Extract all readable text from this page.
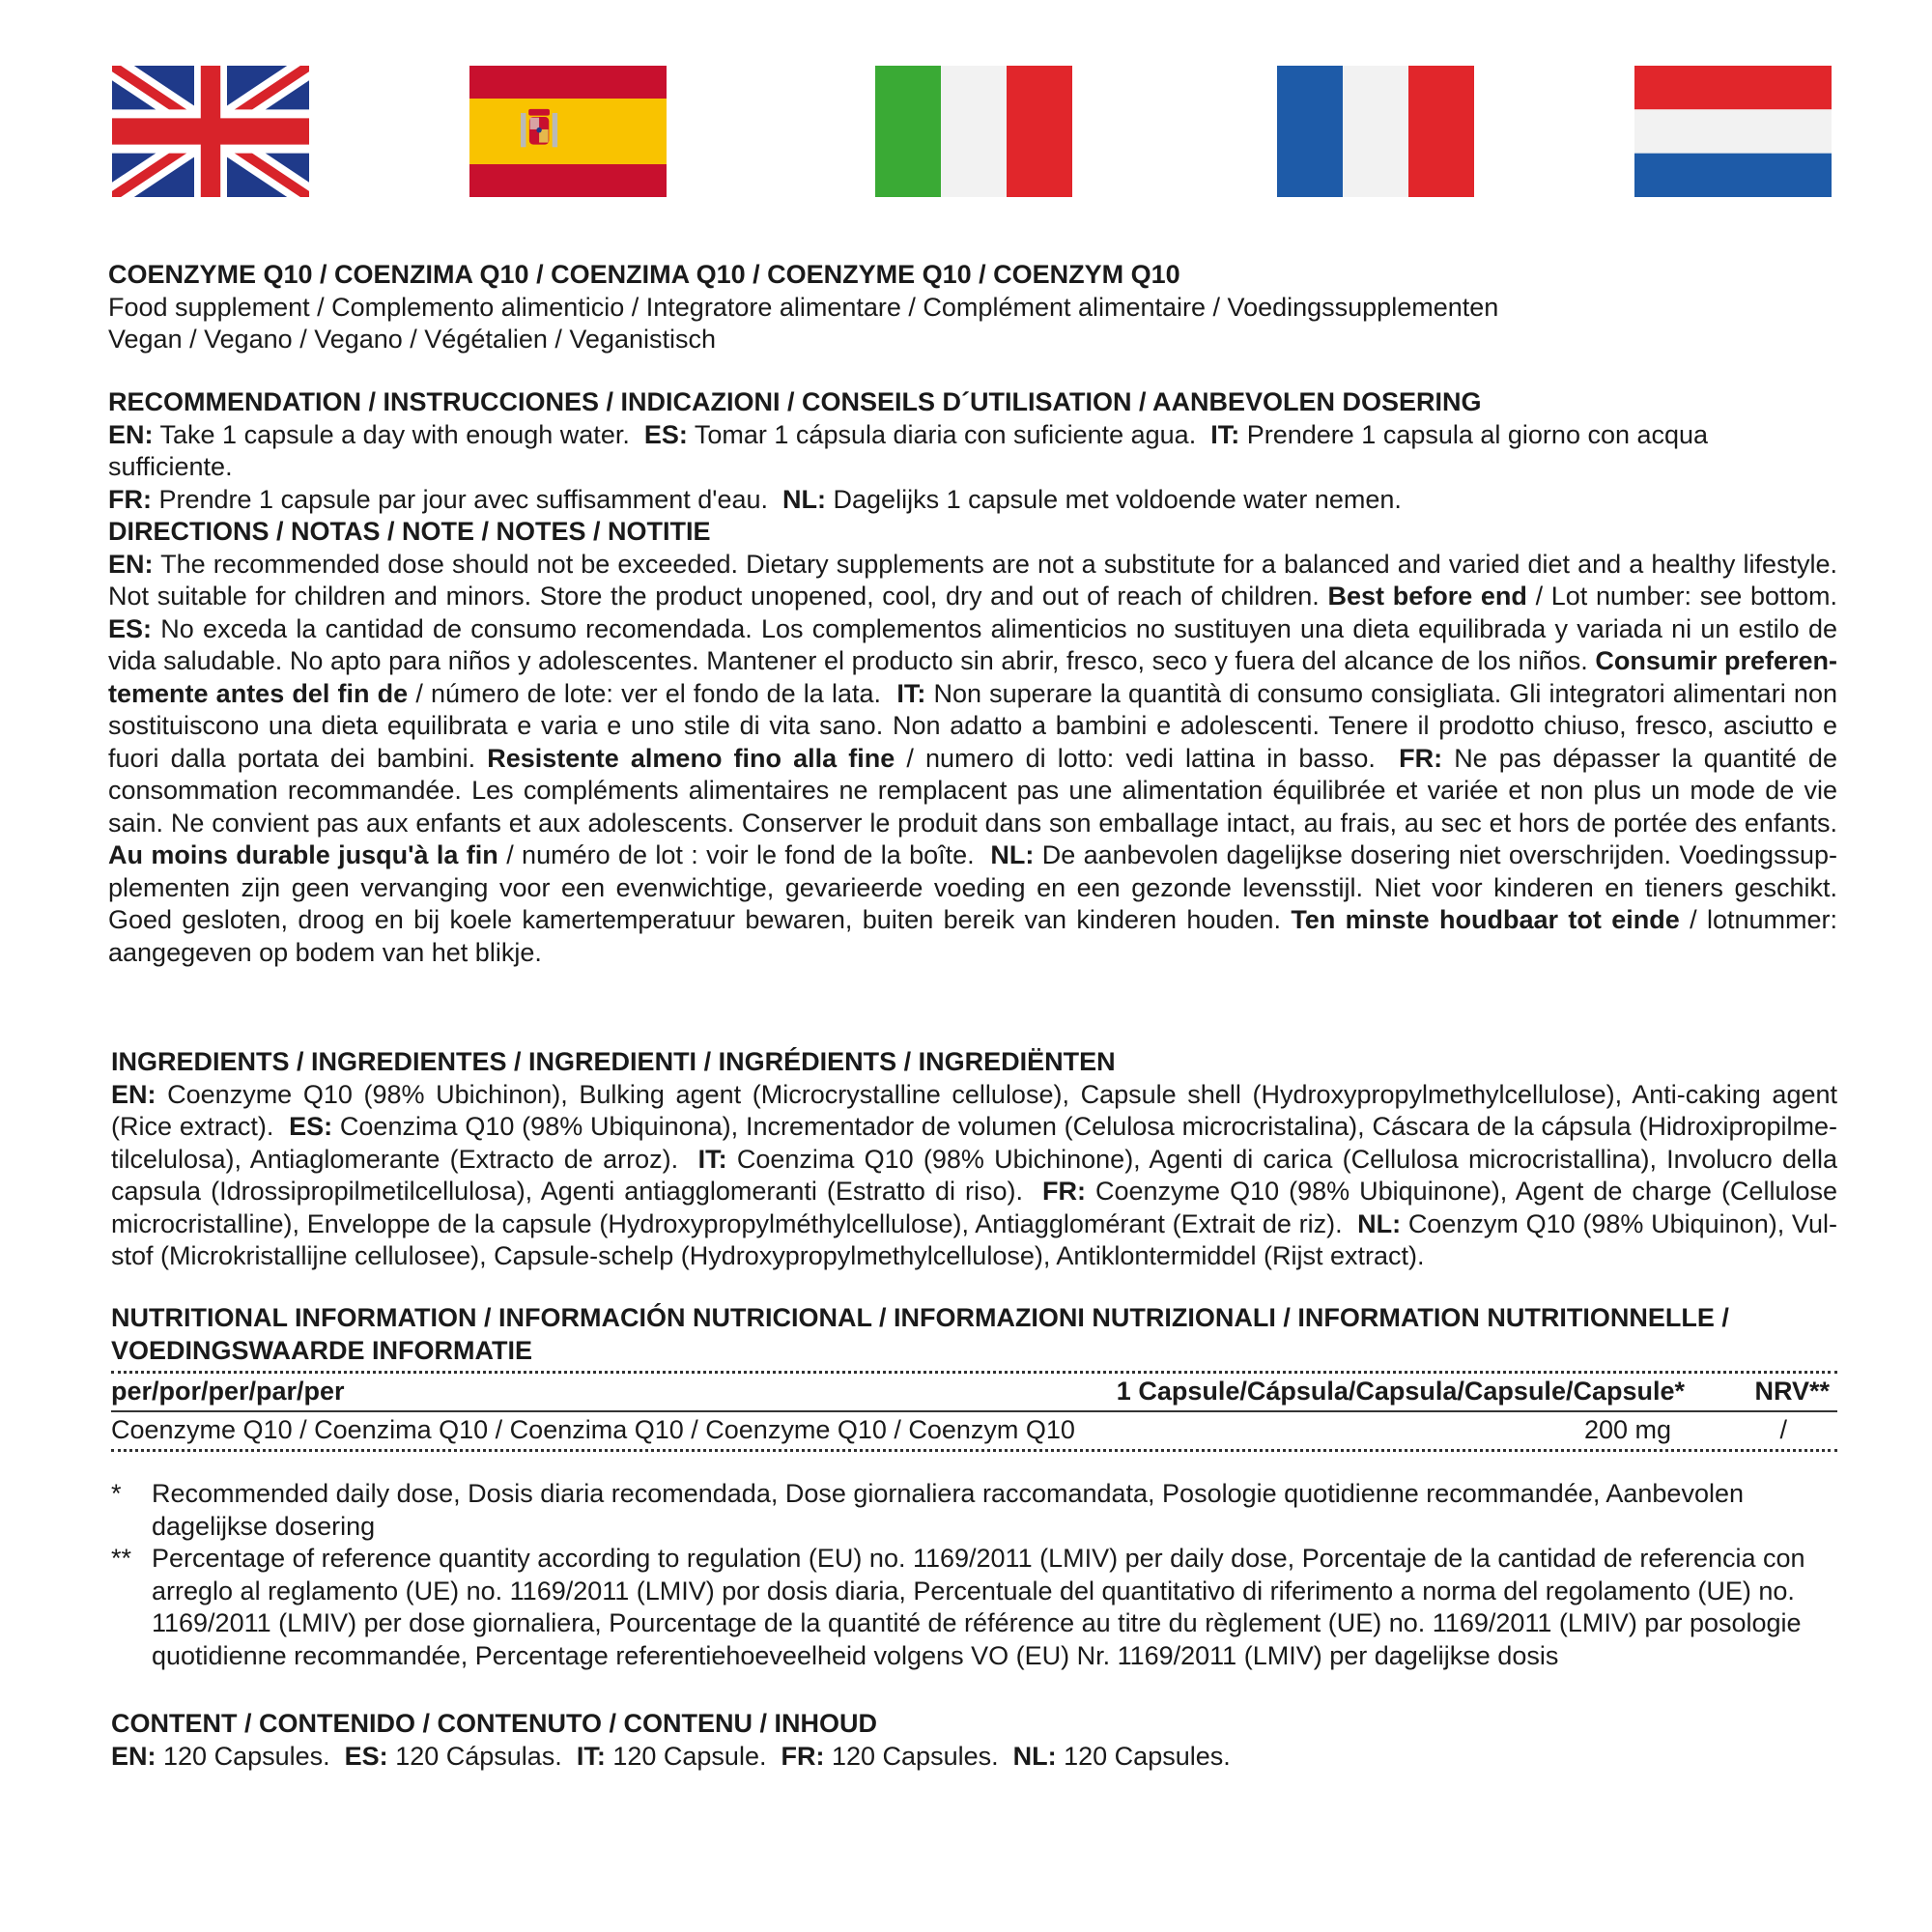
COENZYME Q10 / COENZIMA Q10 / COENZIMA Q10 / COENZYME Q10 / COENZYM Q10
Food supplement / Complemento alimenticio / Integratore alimentare / Complément alimentaire / Voedingssupplementen
Vegan / Vegano / Vegano / Végétalien / Veganistisch
RECOMMENDATION / INSTRUCCIONES / INDICAZIONI / CONSEILS D´UTILISATION / AANBEVOLEN DOSERING
EN: Take 1 capsule a day with enough water. ES: Tomar 1 cápsula diaria con suficiente agua. IT: Prendere 1 capsula al giorno con acqua sufficiente.
FR: Prendre 1 capsule par jour avec suffisamment d'eau. NL: Dagelijks 1 capsule met voldoende water nemen.
DIRECTIONS / NOTAS / NOTE / NOTES / NOTITIE
EN: The recommended dose should not be exceeded. Dietary supplements are not a substitute for a balanced and varied diet and a healthy lifestyle. Not suitable for children and minors. Store the product unopened, cool, dry and out of reach of children. Best before end / Lot number: see bottom. ES: No exceda la cantidad de consumo recomendada. Los complementos alimenticios no sustituyen una dieta equilibrada y variada ni un estilo de vida saludable. No apto para niños y adolescentes. Mantener el producto sin abrir, fresco, seco y fuera del alcance de los niños. Consumir preferen-temente antes del fin de / número de lote: ver el fondo de la lata. IT: Non superare la quantità di consumo consigliata. Gli integratori alimentari non sostituiscono una dieta equilibrata e varia e uno stile di vita sano. Non adatto a bambini e adolescenti. Tenere il prodotto chiuso, fresco, asciutto e fuori dalla portata dei bambini. Resistente almeno fino alla fine / numero di lotto: vedi lattina in basso. FR: Ne pas dépasser la quantité de consommation recommandée. Les compléments alimentaires ne remplacent pas une alimentation équilibrée et variée et non plus un mode de vie sain. Ne convient pas aux enfants et aux adolescents. Conserver le produit dans son emballage intact, au frais, au sec et hors de portée des enfants. Au moins durable jusqu'à la fin / numéro de lot : voir le fond de la boîte. NL: De aanbevolen dagelijkse dosering niet overschrijden. Voedingssup-plementen zijn geen vervanging voor een evenwichtige, gevarieerde voeding en een gezonde levensstijl. Niet voor kinderen en tieners geschikt. Goed gesloten, droog en bij koele kamertemperatuur bewaren, buiten bereik van kinderen houden. Ten minste houdbaar tot einde / lotnummer: aangegeven op bodem van het blikje.
INGREDIENTS / INGREDIENTES / INGREDIENTI / INGRÉDIENTS / INGREDIËNTEN
EN: Coenzyme Q10 (98% Ubichinon), Bulking agent (Microcrystalline cellulose), Capsule shell (Hydroxypropylmethylcellulose), Anti-caking agent (Rice extract). ES: Coenzima Q10 (98% Ubiquinona), Incrementador de volumen (Celulosa microcristalina), Cáscara de la cápsula (Hidroxipropilme-tilcelulosa), Antiaglomerante (Extracto de arroz). IT: Coenzima Q10 (98% Ubichinone), Agenti di carica (Cellulosa microcristallina), Involucro della capsula (Idrossipropilmetilcellulosa), Agenti antiagglomeranti (Estratto di riso). FR: Coenzyme Q10 (98% Ubiquinone), Agent de charge (Cellulose microcristalline), Enveloppe de la capsule (Hydroxypropylméthylcellulose), Antiagglomérant (Extrait de riz). NL: Coenzym Q10 (98% Ubiquinon), Vul-stof (Microkristallijne cellulosee), Capsule-schelp (Hydroxypropylmethylcellulose), Antiklontermiddel (Rijst extract).
NUTRITIONAL INFORMATION / INFORMACIÓN NUTRICIONAL / INFORMAZIONI NUTRIZIONALI / INFORMATION NUTRITIONNELLE / VOEDINGSWAARDE INFORMATIE
per/por/per/par/per	1 Capsule/Cápsula/Capsula/Capsule/Capsule*	NRV**
Coenzyme Q10 / Coenzima Q10 / Coenzima Q10 / Coenzyme Q10 / Coenzym Q10	200 mg	/
* Recommended daily dose, Dosis diaria recomendada, Dose giornaliera raccomandata, Posologie quotidienne recommandée, Aanbevolen dagelijkse dosering
** Percentage of reference quantity according to regulation (EU) no. 1169/2011 (LMIV) per daily dose, Porcentaje de la cantidad de referencia con arreglo al reglamento (UE) no. 1169/2011 (LMIV) por dosis diaria, Percentuale del quantitativo di riferimento a norma del regolamento (UE) no. 1169/2011 (LMIV) per dose giornaliera, Pourcentage de la quantité de référence au titre du règlement (UE) no. 1169/2011 (LMIV) par posologie quotidienne recommandée, Percentage referentiehoeveelheid volgens VO (EU) Nr. 1169/2011 (LMIV) per dagelijkse dosis
CONTENT / CONTENIDO / CONTENUTO / CONTENU / INHOUD
EN: 120 Capsules. ES: 120 Cápsulas. IT: 120 Capsule. FR: 120 Capsules. NL: 120 Capsules.
